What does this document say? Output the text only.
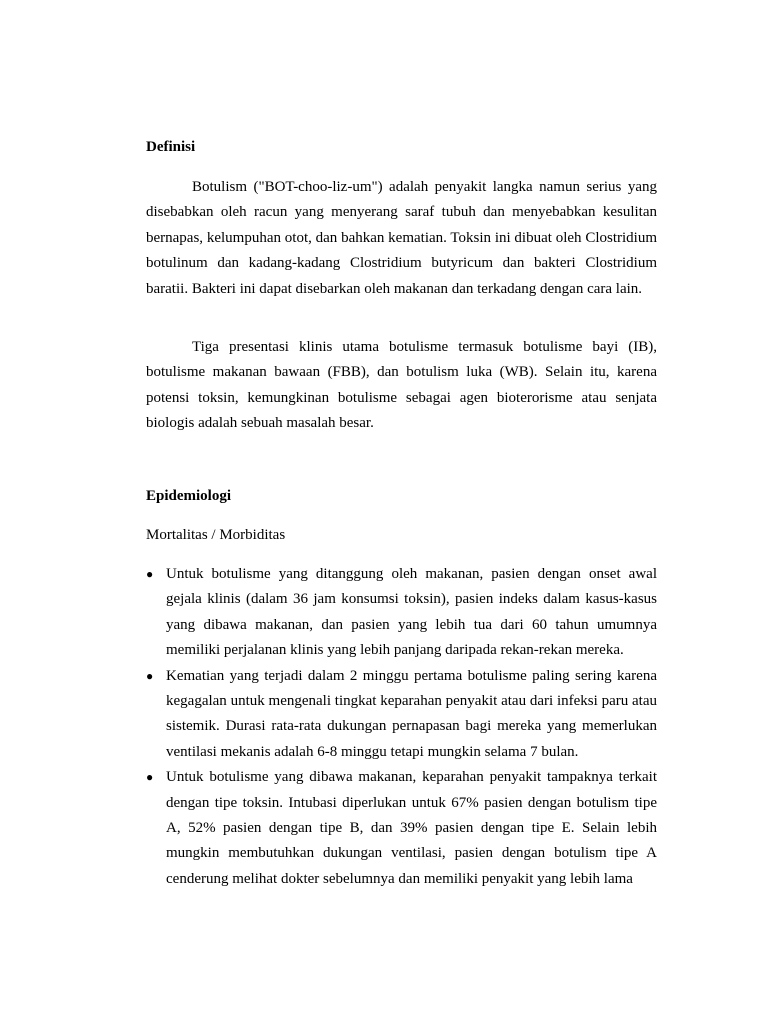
Definisi

Botulism ("BOT-choo-liz-um") adalah penyakit langka namun serius yang disebabkan oleh racun yang menyerang saraf tubuh dan menyebabkan kesulitan bernapas, kelumpuhan otot, dan bahkan kematian. Toksin ini dibuat oleh Clostridium botulinum dan kadang-kadang Clostridium butyricum dan bakteri Clostridium baratii. Bakteri ini dapat disebarkan oleh makanan dan terkadang dengan cara lain.

Tiga presentasi klinis utama botulisme termasuk botulisme bayi (IB), botulisme makanan bawaan (FBB), dan botulism luka (WB). Selain itu, karena potensi toksin, kemungkinan botulisme sebagai agen bioterorisme atau senjata biologis adalah sebuah masalah besar.

Epidemiologi

Mortalitas / Morbiditas

● Untuk botulisme yang ditanggung oleh makanan, pasien dengan onset awal gejala klinis (dalam 36 jam konsumsi toksin), pasien indeks dalam kasus-kasus yang dibawa makanan, dan pasien yang lebih tua dari 60 tahun umumnya memiliki perjalanan klinis yang lebih panjang daripada rekan-rekan mereka.
● Kematian yang terjadi dalam 2 minggu pertama botulisme paling sering karena kegagalan untuk mengenali tingkat keparahan penyakit atau dari infeksi paru atau sistemik. Durasi rata-rata dukungan pernapasan bagi mereka yang memerlukan ventilasi mekanis adalah 6-8 minggu tetapi mungkin selama 7 bulan.
● Untuk botulisme yang dibawa makanan, keparahan penyakit tampaknya terkait dengan tipe toksin. Intubasi diperlukan untuk 67% pasien dengan botulism tipe A, 52% pasien dengan tipe B, dan 39% pasien dengan tipe E. Selain lebih mungkin membutuhkan dukungan ventilasi, pasien dengan botulism tipe A cenderung melihat dokter sebelumnya dan memiliki penyakit yang lebih lama
